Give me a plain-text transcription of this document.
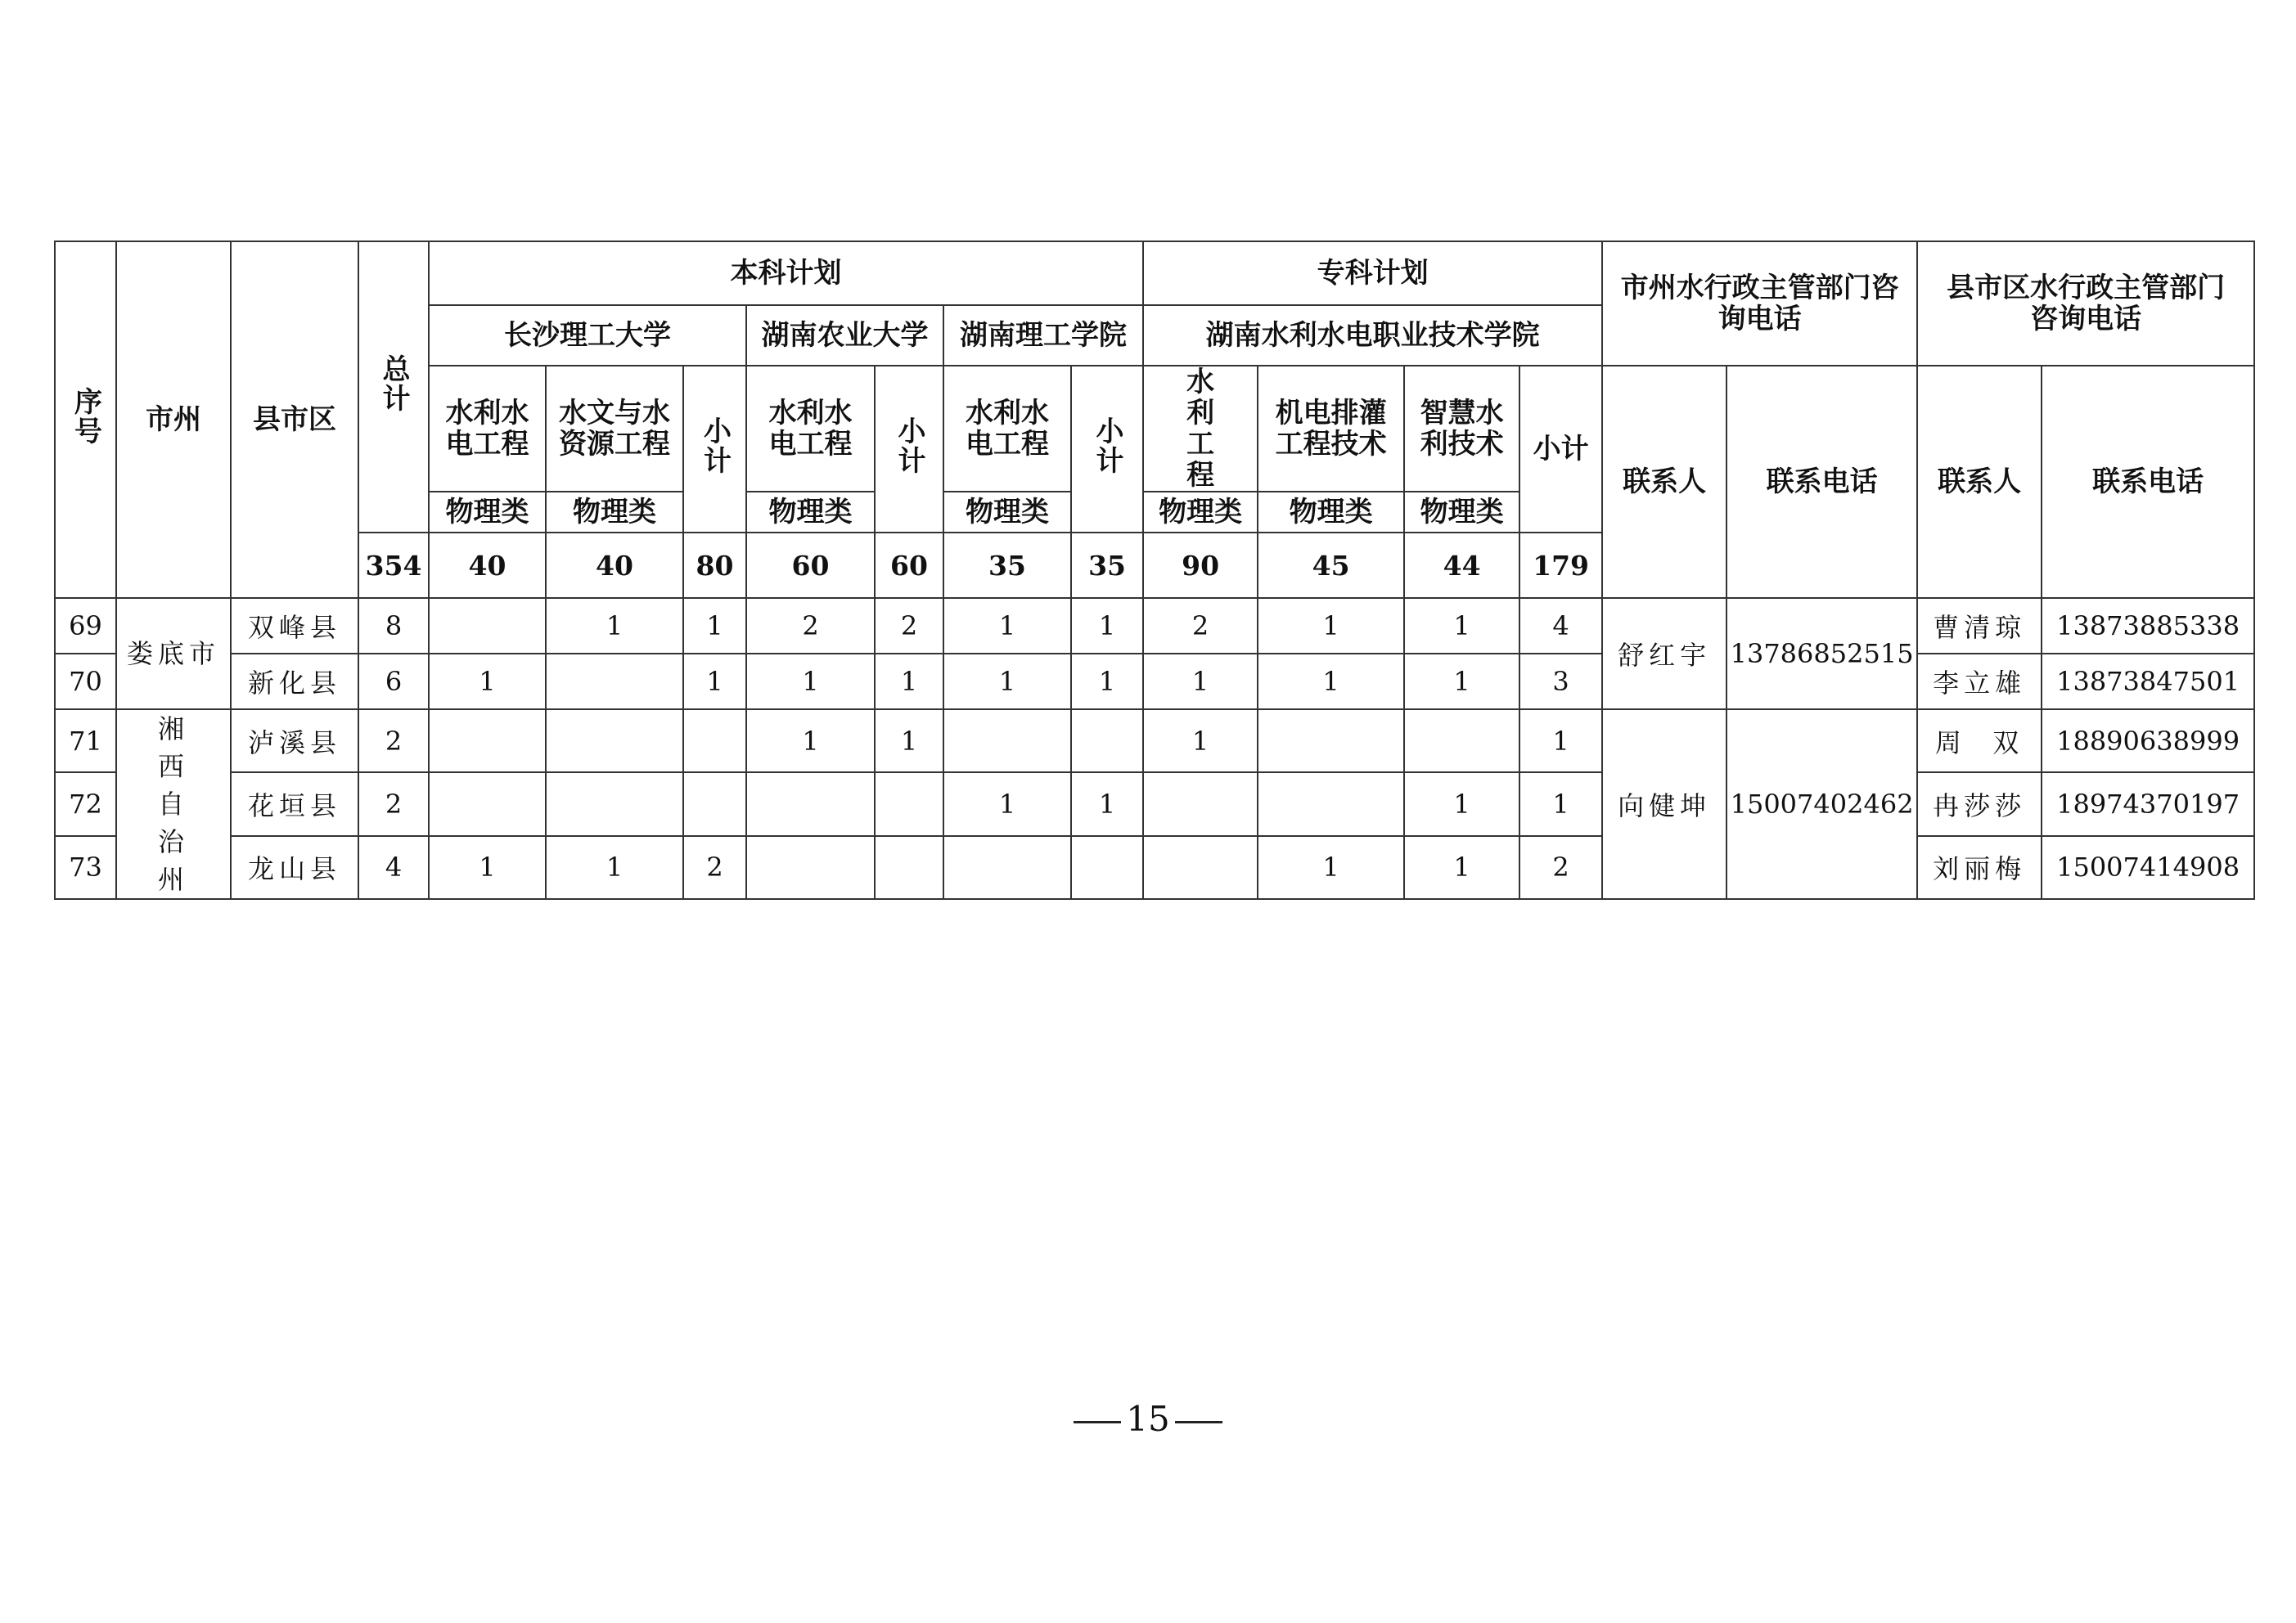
序号	市州	县市区	总计	本科计划							专科计划				市州水行政主管部门咨询电话		县市区水行政主管部门咨询电话	

				长沙理工大学			湖南农业大学		湖南理工学院		湖南水利水电职业技术学院							

				水利水电工程	水文与水资源工程	小计	水利水电工程	小计	水利水电工程	小计	水利工程	机电排灌工程技术	智慧水利技术	小计	联系人	联系电话	联系人	联系电话
				物理类	物理类		物理类		物理类		物理类	物理类	物理类					
			354	40	40	80	60	60	35	35	90	45	44	179				
69	娄底市	双峰县	8		1	1	2	2	1	1	2	1	1	4	舒红宇	13786852515	曹清琼	13873885338
70		新化县	6	1		1	1	1	1	1	1	1	1	3			李立雄	13873847501
71	湘西自治州	泸溪县	2				1	1			1			1	向健坤	15007402462	周  双	18890638999
72		花垣县	2						1	1			1	1			冉莎莎	18974370197
73		龙山县	4	1	1	2						1	1	2			刘丽梅	15007414908
15
